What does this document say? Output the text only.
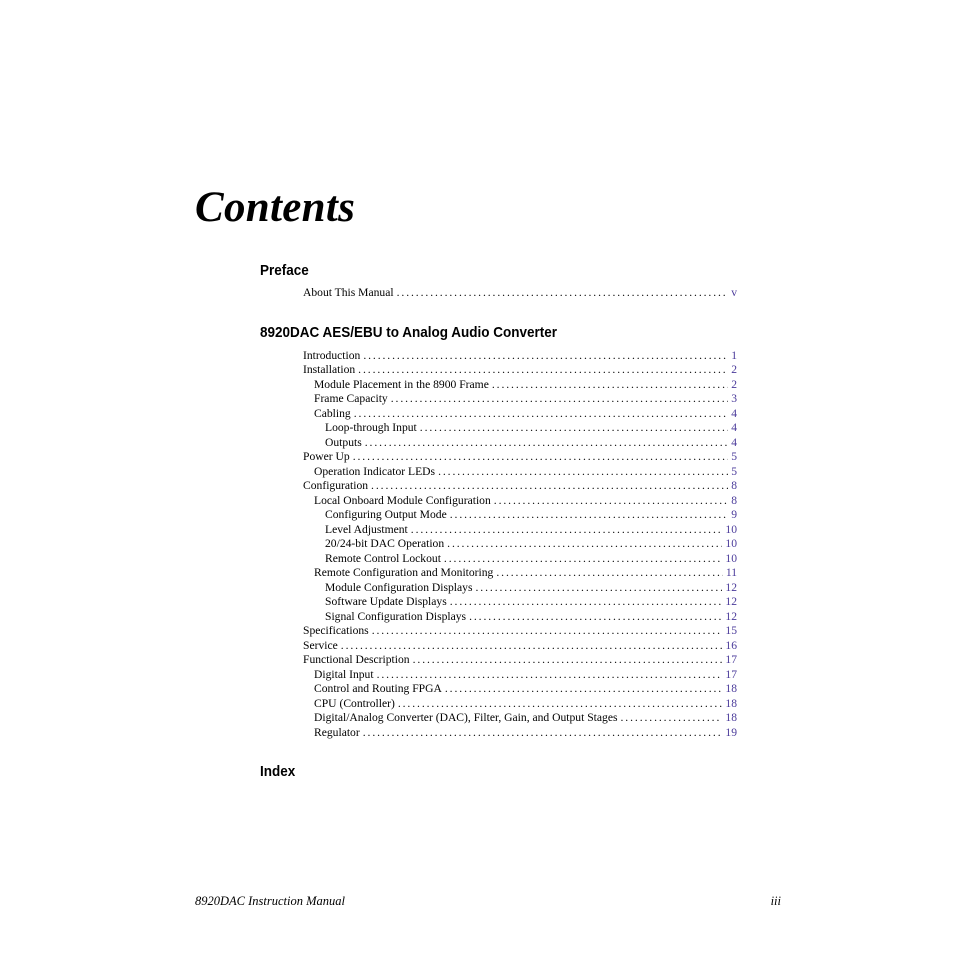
Contents
Preface
About This Manual . . .	v
8920DAC AES/EBU to Analog Audio Converter
Introduction . . .	1
Installation . . .	2
Module Placement in the 8900 Frame . . .	2
Frame Capacity . . .	3
Cabling . . .	4
Loop-through Input . . .	4
Outputs . . .	4
Power Up . . .	5
Operation Indicator LEDs . . .	5
Configuration . . .	8
Local Onboard Module Configuration . . .	8
Configuring Output Mode . . .	9
Level Adjustment . . .	10
20/24-bit DAC Operation . . .	10
Remote Control Lockout . . .	10
Remote Configuration and Monitoring . . .	11
Module Configuration Displays . . .	12
Software Update Displays . . .	12
Signal Configuration Displays . . .	12
Specifications . . .	15
Service . . .	16
Functional Description . . .	17
Digital Input . . .	17
Control and Routing FPGA . . .	18
CPU (Controller) . . .	18
Digital/Analog Converter (DAC), Filter, Gain, and Output Stages . . .	18
Regulator . . .	19
Index

8920DAC Instruction Manual	iii
